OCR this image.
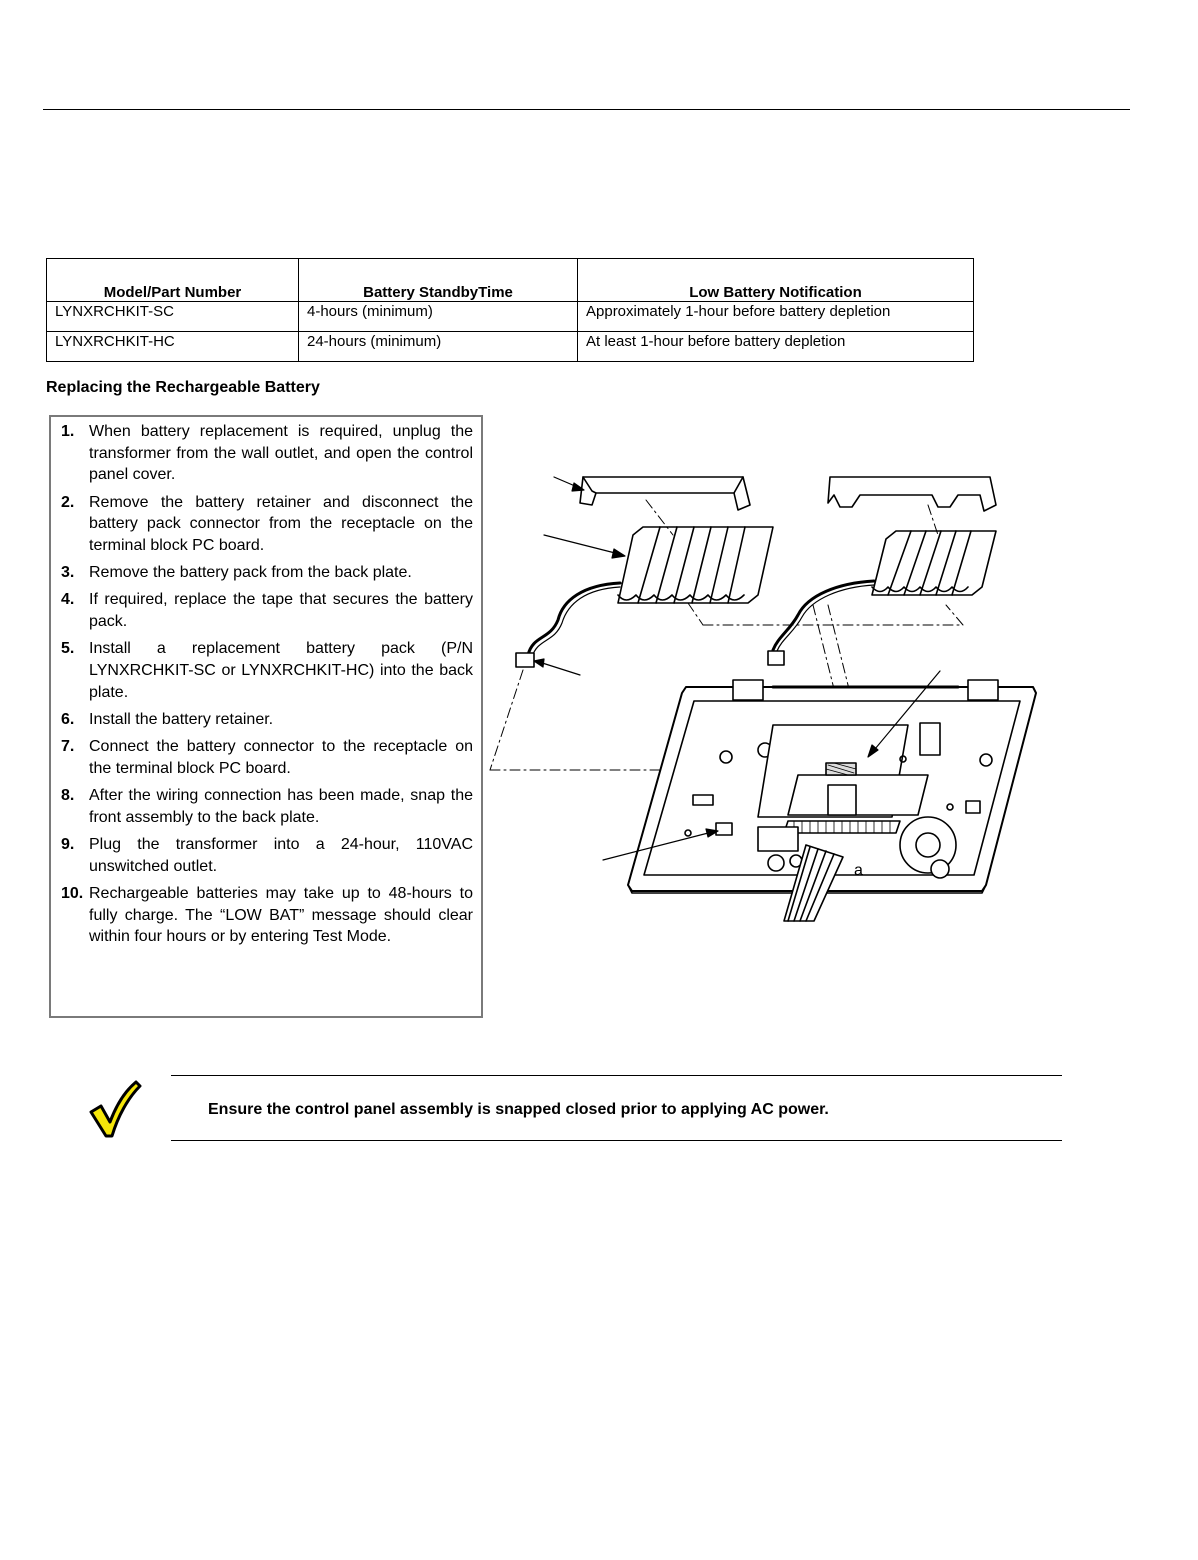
Model/Part Number	Battery StandbyTime	Low Battery Notification
LYNXRCHKIT-SC	4-hours (minimum)	Approximately 1-hour before battery depletion
LYNXRCHKIT-HC	24-hours (minimum)	At least 1-hour before battery depletion
Replacing the Rechargeable Battery
1. When battery replacement is required, unplug the transformer from the wall outlet, and open the control panel cover.
2. Remove the battery retainer and disconnect the battery pack connector from the receptacle on the terminal block PC board.
3. Remove the battery pack from the back plate.
4. If required, replace the tape that secures the battery pack.
5. Install a replacement battery pack (P/N LYNXRCHKIT-SC or LYNXRCHKIT-HC) into the back plate.
6. Install the battery retainer.
7. Connect the battery connector to the receptacle on the terminal block PC board.
8. After the wiring connection has been made, snap the front assembly to the back plate.
9. Plug the transformer into a 24-hour, 110VAC unswitched outlet.
10. Rechargeable batteries may take up to 48-hours to fully charge. The “LOW BAT” message should clear within four hours or by entering Test Mode.
a
Ensure the control panel assembly is snapped closed prior to applying AC power.
